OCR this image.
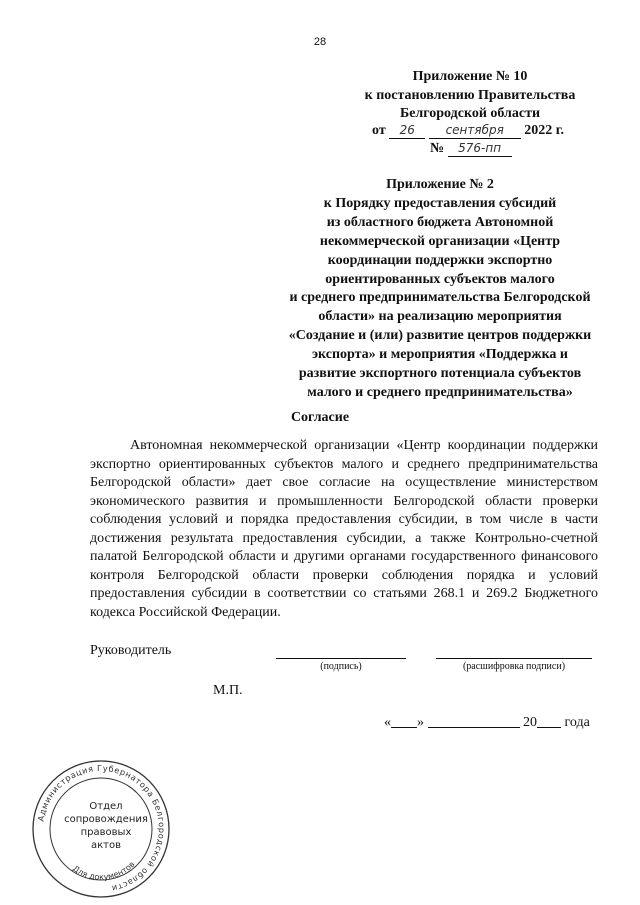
28
Приложение № 10
к постановлению Правительства
Белгородской области
от 26	сентября 2022 г.
№ 576-пп
Приложение № 2
к Порядку предоставления субсидий
из областного бюджета Автономной
некоммерческой организации «Центр
координации поддержки экспортно
ориентированных субъектов малого
и среднего предпринимательства Белгородской
области» на реализацию мероприятия
«Создание и (или) развитие центров поддержки
экспорта» и мероприятия «Поддержка и
развитие экспортного потенциала субъектов
малого и среднего предпринимательства»
Согласие
Автономная некоммерческой организации «Центр координации поддержки экспортно ориентированных субъектов малого и среднего предпринимательства Белгородской области» дает свое согласие на осуществление министерством экономического развития и промышленности Белгородской области проверки соблюдения условий и порядка предоставления субсидии, в том числе в части достижения результата предоставления субсидии, а также Контрольно-счетной палатой Белгородской области и другими органами государственного финансового контроля Белгородской области проверки соблюдения порядка и условий предоставления субсидии в соответствии со статьями 268.1 и 269.2 Бюджетного кодекса Российской Федерации.
Руководитель
(подпись)	(расшифровка подписи)
М.П.
« »	20 года
Администрация Губернатора Белгородской области
Для документов
Отдел
сопровождения
правовых
актов
